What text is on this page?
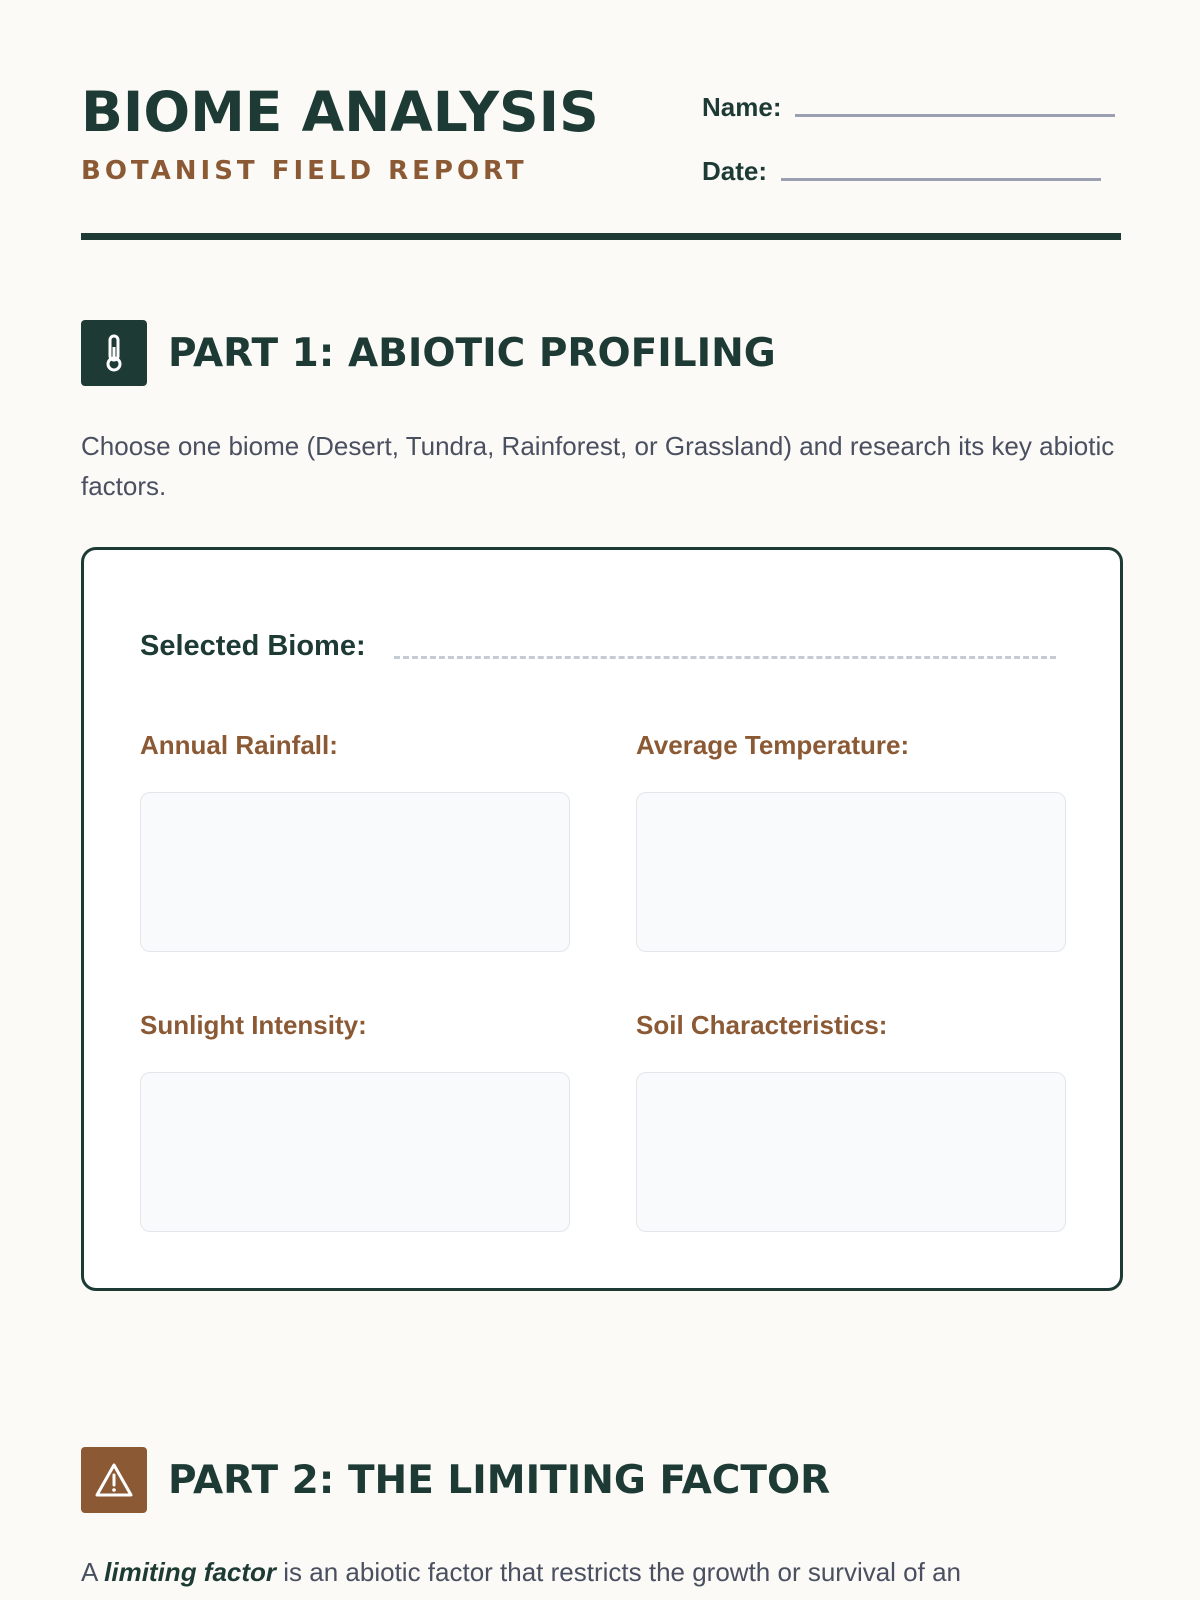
BIOME ANALYSIS
BOTANIST FIELD REPORT
Name:
Date:
PART 1: ABIOTIC PROFILING
Choose one biome (Desert, Tundra, Rainforest, or Grassland) and research its key abiotic factors.
Selected Biome:
Annual Rainfall:	Average Temperature:
Sunlight Intensity:	Soil Characteristics:
PART 2: THE LIMITING FACTOR
A limiting factor is an abiotic factor that restricts the growth or survival of an
